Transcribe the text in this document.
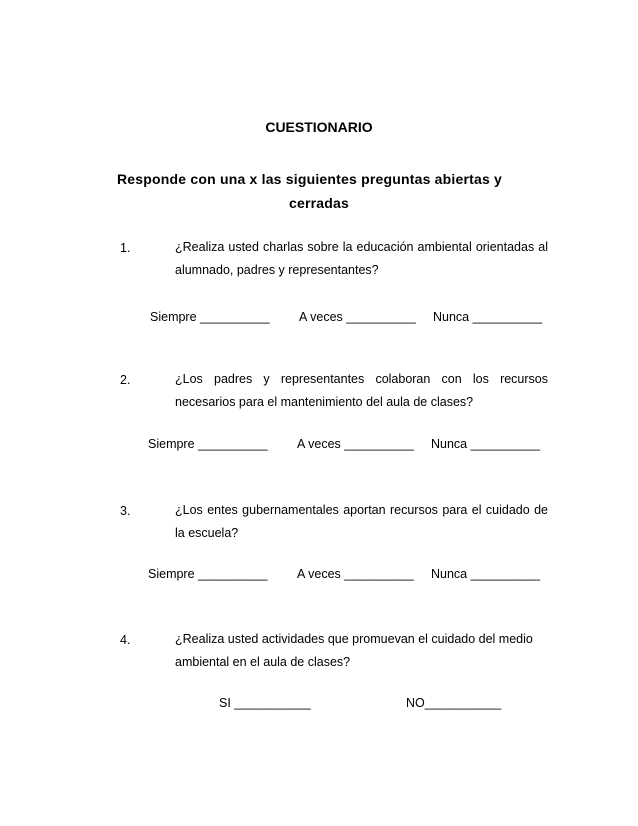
CUESTIONARIO
Responde con una x las siguientes preguntas abiertas y
cerradas
1.	¿Realiza usted charlas sobre la educación ambiental orientadas al
alumnado, padres y representantes?
Siempre __________ A veces __________ Nunca __________
2.	¿Los padres y representantes colaboran con los recursos
necesarios para el mantenimiento del aula de clases?
Siempre __________ A veces __________ Nunca __________
3.	¿Los entes gubernamentales aportan recursos para el cuidado de
la escuela?
Siempre __________ A veces __________ Nunca __________
4.	¿Realiza usted actividades que promuevan el cuidado del medio
ambiental en el aula de clases?
SI ___________	NO___________
